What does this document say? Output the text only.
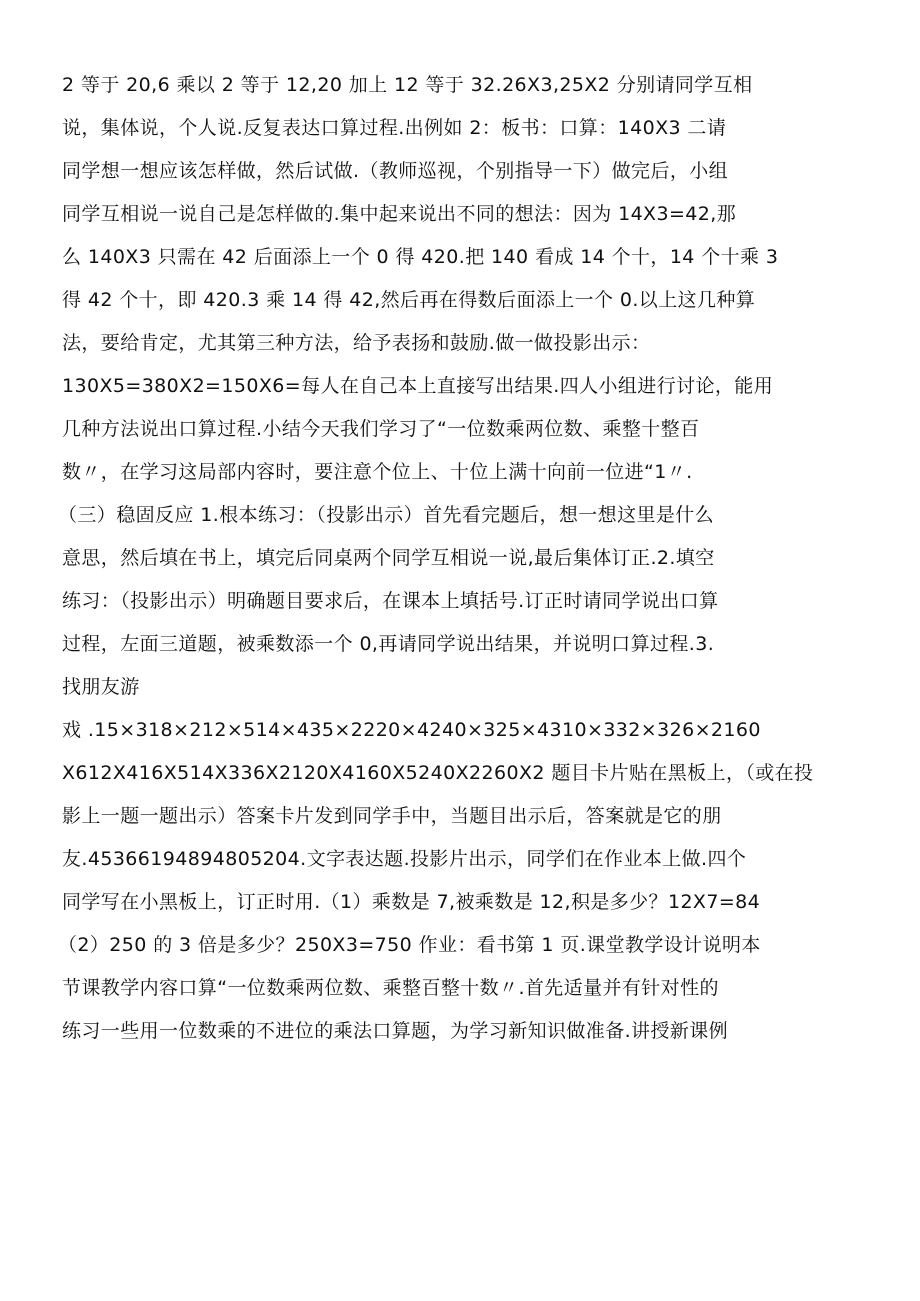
2 等于 20,6 乘以 2 等于 12,20 加上 12 等于 32.26X3,25X2 分别请同学互相
说，集体说，个人说.反复表达口算过程.出例如 2：板书：口算：140X3 二请
同学想一想应该怎样做，然后试做.（教师巡视，个别指导一下）做完后，小组
同学互相说一说自己是怎样做的.集中起来说出不同的想法：因为 14X3=42,那
么 140X3 只需在 42 后面添上一个 0 得 420.把 140 看成 14 个十，14 个十乘 3
得 42 个十，即 420.3 乘 14 得 42,然后再在得数后面添上一个 0.以上这几种算
法，要给肯定，尤其第三种方法，给予表扬和鼓励.做一做投影出示：
130X5=380X2=150X6=每人在自己本上直接写出结果.四人小组进行讨论，能用
几种方法说出口算过程.小结今天我们学习了“一位数乘两位数、乘整十整百
数〃，在学习这局部内容时，要注意个位上、十位上满十向前一位进“1〃.
（三）稳固反应 1.根本练习：（投影出示）首先看完题后，想一想这里是什么
意思，然后填在书上，填完后同桌两个同学互相说一说,最后集体订正.2.填空
练习：（投影出示）明确题目要求后，在课本上填括号.订正时请同学说出口算
过程，左面三道题，被乘数添一个 0,再请同学说出结果，并说明口算过程.3.
找朋友游
戏 .15×318×212×514×435×2220×4240×325×4310×332×326×2160
X612X416X514X336X2120X4160X5240X2260X2 题目卡片贴在黑板上，（或在投
影上一题一题出示）答案卡片发到同学手中，当题目出示后，答案就是它的朋
友.45366194894805204.文字表达题.投影片出示，同学们在作业本上做.四个
同学写在小黑板上，订正时用.（1）乘数是 7,被乘数是 12,积是多少？12X7=84
（2）250 的 3 倍是多少？250X3=750 作业：看书第 1 页.课堂教学设计说明本
节课教学内容口算“一位数乘两位数、乘整百整十数〃.首先适量并有针对性的
练习一些用一位数乘的不进位的乘法口算题，为学习新知识做准备.讲授新课例
